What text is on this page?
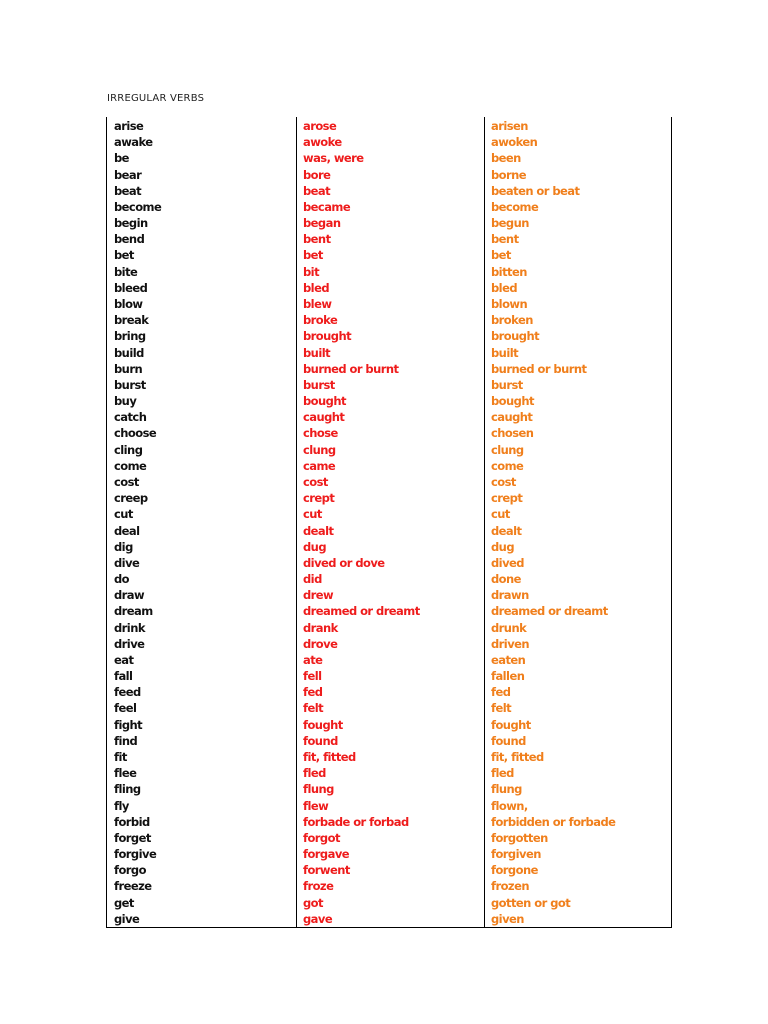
IRREGULAR VERBS
arise
awake
be
bear
beat
become
begin
bend
bet
bite
bleed
blow
break
bring
build
burn
burst
buy
catch
choose
cling
come
cost
creep
cut
deal
dig
dive
do
draw
dream
drink
drive
eat
fall
feed
feel
fight
find
fit
flee
fling
fly
forbid
forget
forgive
forgo
freeze
get
give
arose
awoke
was, were
bore
beat
became
began
bent
bet
bit
bled
blew
broke
brought
built
burned or burnt
burst
bought
caught
chose
clung
came
cost
crept
cut
dealt
dug
dived or dove
did
drew
dreamed or dreamt
drank
drove
ate
fell
fed
felt
fought
found
fit, fitted
fled
flung
flew
forbade or forbad
forgot
forgave
forwent
froze
got
gave
arisen
awoken
been
borne
beaten or beat
become
begun
bent
bet
bitten
bled
blown
broken
brought
built
burned or burnt
burst
bought
caught
chosen
clung
come
cost
crept
cut
dealt
dug
dived
done
drawn
dreamed or dreamt
drunk
driven
eaten
fallen
fed
felt
fought
found
fit, fitted
fled
flung
flown,
forbidden or forbade
forgotten
forgiven
forgone
frozen
gotten or got
given
